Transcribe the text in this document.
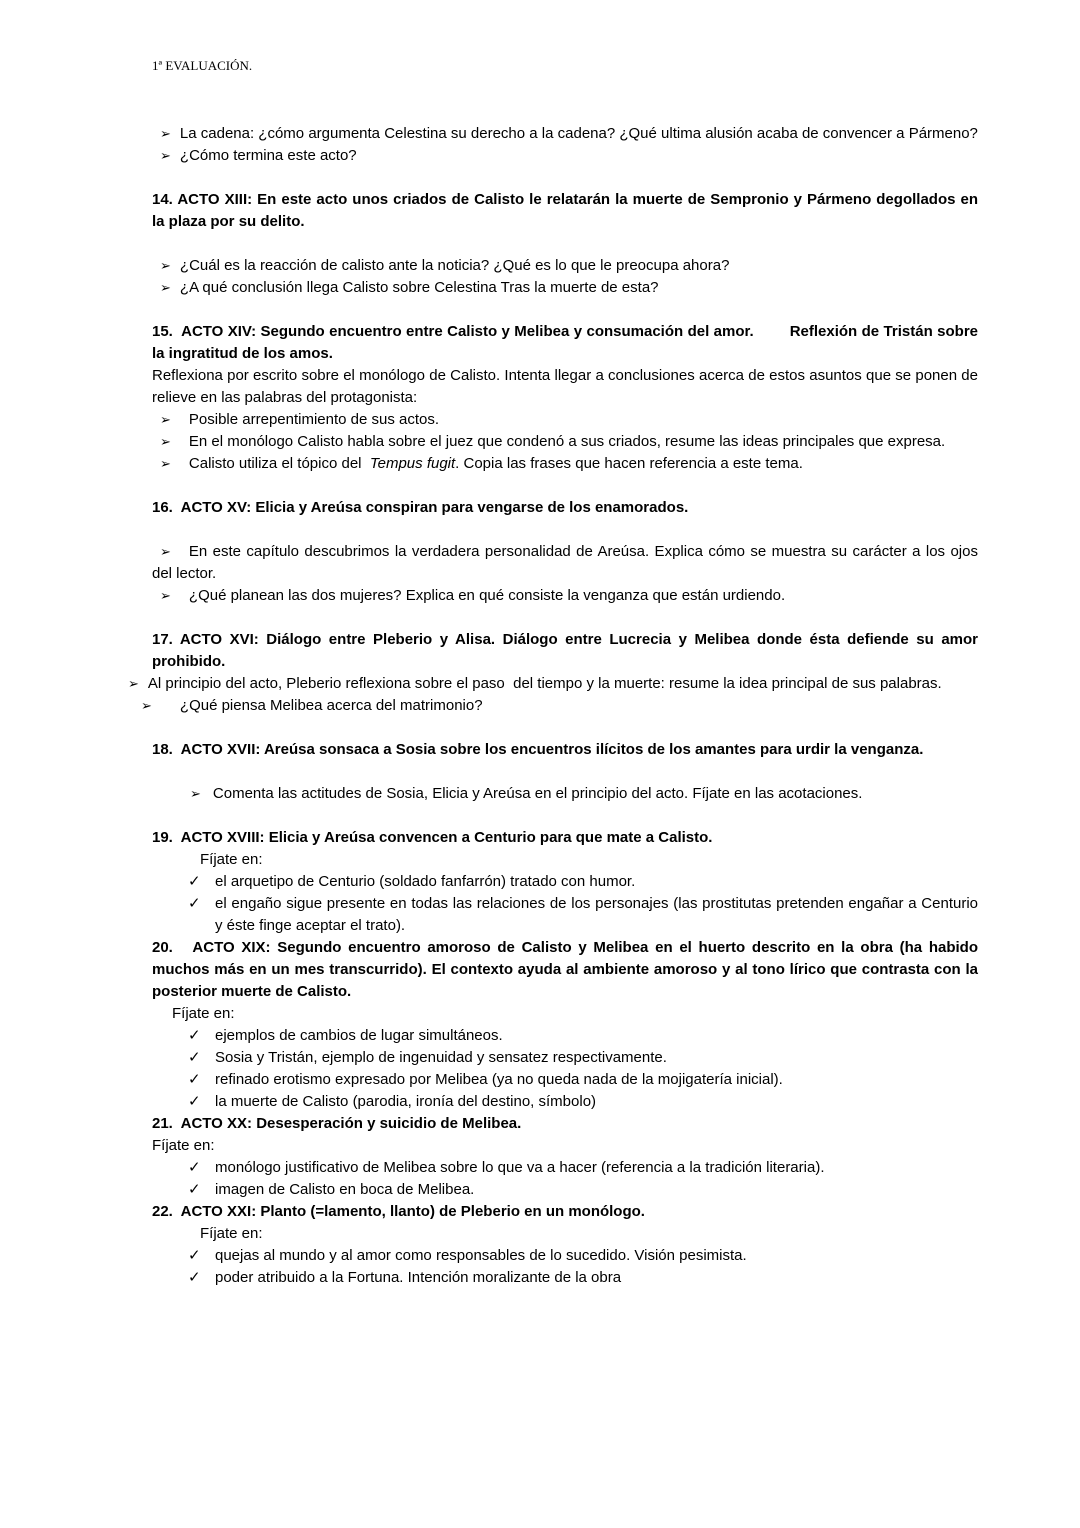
1ª EVALUACIÓN.
➢ La cadena: ¿cómo argumenta Celestina su derecho a la cadena? ¿Qué ultima alusión acaba de convencer a Pármeno?
➢ ¿Cómo termina este acto?
14. ACTO XIII: En este acto unos criados de Calisto le relatarán la muerte de Sempronio y Pármeno degollados en la plaza por su delito.
➢ ¿Cuál es la reacción de calisto ante la noticia? ¿Qué es lo que le preocupa ahora?
➢ ¿A qué conclusión llega Calisto sobre Celestina Tras la muerte de esta?
15.  ACTO XIV: Segundo encuentro entre Calisto y Melibea y consumación del amor. Reflexión de Tristán sobre la ingratitud de los amos.
Reflexiona por escrito sobre el monólogo de Calisto. Intenta llegar a conclusiones acerca de estos asuntos que se ponen de relieve en las palabras del protagonista:
➢ Posible arrepentimiento de sus actos.
➢ En el monólogo Calisto habla sobre el juez que condenó a sus criados, resume las ideas principales que expresa.
➢ Calisto utiliza el tópico del  Tempus fugit. Copia las frases que hacen referencia a este tema.
16.  ACTO XV: Elicia y Areúsa conspiran para vengarse de los enamorados.
➢ En este capítulo descubrimos la verdadera personalidad de Areúsa. Explica cómo se muestra su carácter a los ojos del lector.
➢ ¿Qué planean las dos mujeres? Explica en qué consiste la venganza que están urdiendo.
17. ACTO XVI: Diálogo entre Pleberio y Alisa. Diálogo entre Lucrecia y Melibea donde ésta defiende su amor prohibido.
➢ Al principio del acto, Pleberio reflexiona sobre el paso  del tiempo y la muerte: resume la idea principal de sus palabras.
➢ ¿Qué piensa Melibea acerca del matrimonio?
18.  ACTO XVII: Areúsa sonsaca a Sosia sobre los encuentros ilícitos de los amantes para urdir la venganza.
➢ Comenta las actitudes de Sosia, Elicia y Areúsa en el principio del acto. Fíjate en las acotaciones.
19.  ACTO XVIII: Elicia y Areúsa convencen a Centurio para que mate a Calisto.
Fíjate en:
✓ el arquetipo de Centurio (soldado fanfarrón) tratado con humor.
✓ el engaño sigue presente en todas las relaciones de los personajes (las prostitutas pretenden engañar a Centurio y éste finge aceptar el trato).
20.   ACTO XIX: Segundo encuentro amoroso de Calisto y Melibea en el huerto descrito en la obra (ha habido muchos más en un mes transcurrido). El contexto ayuda al ambiente amoroso y al tono lírico que contrasta con la posterior muerte de Calisto.
Fíjate en:
✓ ejemplos de cambios de lugar simultáneos.
✓ Sosia y Tristán, ejemplo de ingenuidad y sensatez respectivamente.
✓ refinado erotismo expresado por Melibea (ya no queda nada de la mojigatería inicial).
✓ la muerte de Calisto (parodia, ironía del destino, símbolo)
21.  ACTO XX: Desesperación y suicidio de Melibea.
Fíjate en:
✓ monólogo justificativo de Melibea sobre lo que va a hacer (referencia a la tradición literaria).
✓ imagen de Calisto en boca de Melibea.
22.  ACTO XXI: Planto (=lamento, llanto) de Pleberio en un monólogo.
Fíjate en:
✓ quejas al mundo y al amor como responsables de lo sucedido. Visión pesimista.
✓ poder atribuido a la Fortuna. Intención moralizante de la obra
